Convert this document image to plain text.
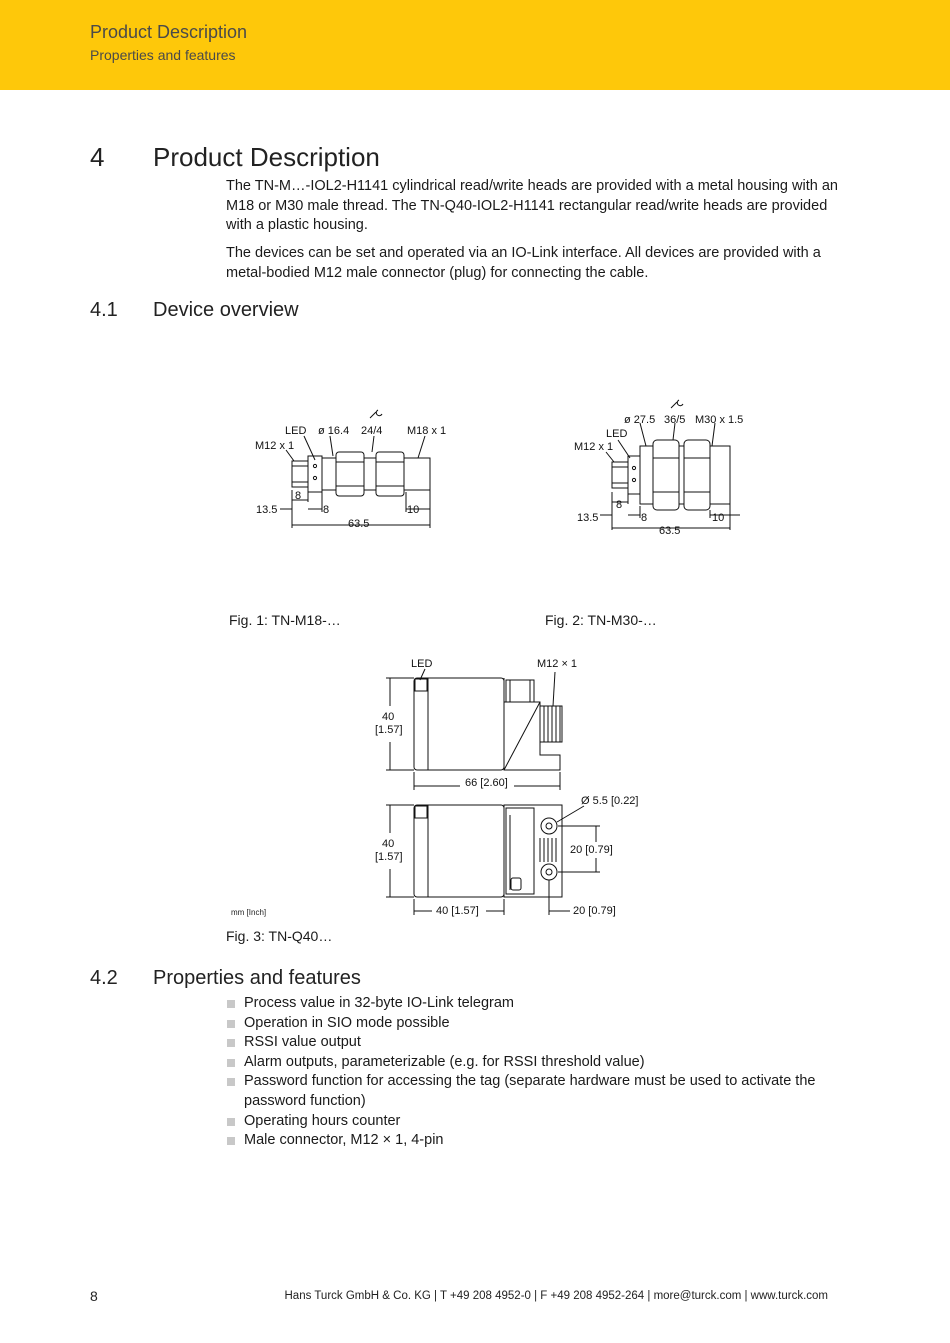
Product Description
Properties and features
4 Product Description

The TN-M…-IOL2-H1141 cylindrical read/write heads are provided with a metal housing with an M18 or M30 male thread. The TN-Q40-IOL2-H1141 rectangular read/write heads are provided with a plastic housing.

The devices can be set and operated via an IO-Link interface. All devices are provided with a metal-bodied M12 male connector (plug) for connecting the cable.

4.1 Device overview
LED ø 16.4 24/4 M18 x 1
M12 x 1
8
13.5	8	10
63.5
ø 27.5 36/5 M30 x 1.5
LED
M12 x 1
8
13.5	8	10
63.5
LED	M12 × 1
40
[1.57]
66 [2.60]
Ø 5.5 [0.22]
40
[1.57]
20 [0.79]
40 [1.57]	20 [0.79]
Fig. 1: TN-M18-…	Fig. 2: TN-M30-…
mm [Inch]
Fig. 3: TN-Q40…
4.2 Properties and features
Process value in 32-byte IO-Link telegram
Operation in SIO mode possible
RSSI value output
Alarm outputs, parameterizable (e.g. for RSSI threshold value)
Password function for accessing the tag (separate hardware must be used to activate the password function)
Operating hours counter
Male connector, M12 × 1, 4-pin
8	Hans Turck GmbH & Co. KG | T +49 208 4952-0 | F +49 208 4952-264 | more@turck.com | www.turck.com
